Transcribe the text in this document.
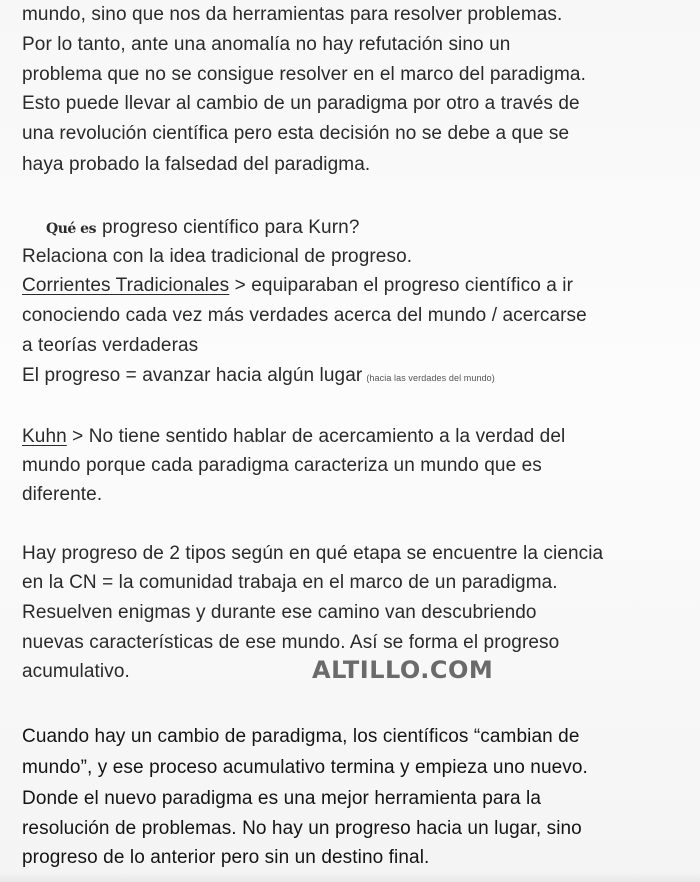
mundo, sino que nos da herramientas para resolver problemas.
Por lo tanto, ante una anomalía no hay refutación sino un
problema que no se consigue resolver en el marco del paradigma.
Esto puede llevar al cambio de un paradigma por otro a través de
una revolución científica pero esta decisión no se debe a que se
haya probado la falsedad del paradigma.
Qué es progreso científico para Kurn?
Relaciona con la idea tradicional de progreso.
Corrientes Tradicionales > equiparaban el progreso científico a ir
conociendo cada vez más verdades acerca del mundo / acercarse
a teorías verdaderas
El progreso = avanzar hacia algún lugar (hacia las verdades del mundo)
Kuhn > No tiene sentido hablar de acercamiento a la verdad del
mundo porque cada paradigma caracteriza un mundo que es
diferente.
Hay progreso de 2 tipos según en qué etapa se encuentre la ciencia
en la CN = la comunidad trabaja en el marco de un paradigma.
Resuelven enigmas y durante ese camino van descubriendo
nuevas características de ese mundo. Así se forma el progreso
acumulativo.	ALTILLO.COM
Cuando hay un cambio de paradigma, los científicos “cambian de
mundo”, y ese proceso acumulativo termina y empieza uno nuevo.
Donde el nuevo paradigma es una mejor herramienta para la
resolución de problemas. No hay un progreso hacia un lugar, sino
progreso de lo anterior pero sin un destino final.
